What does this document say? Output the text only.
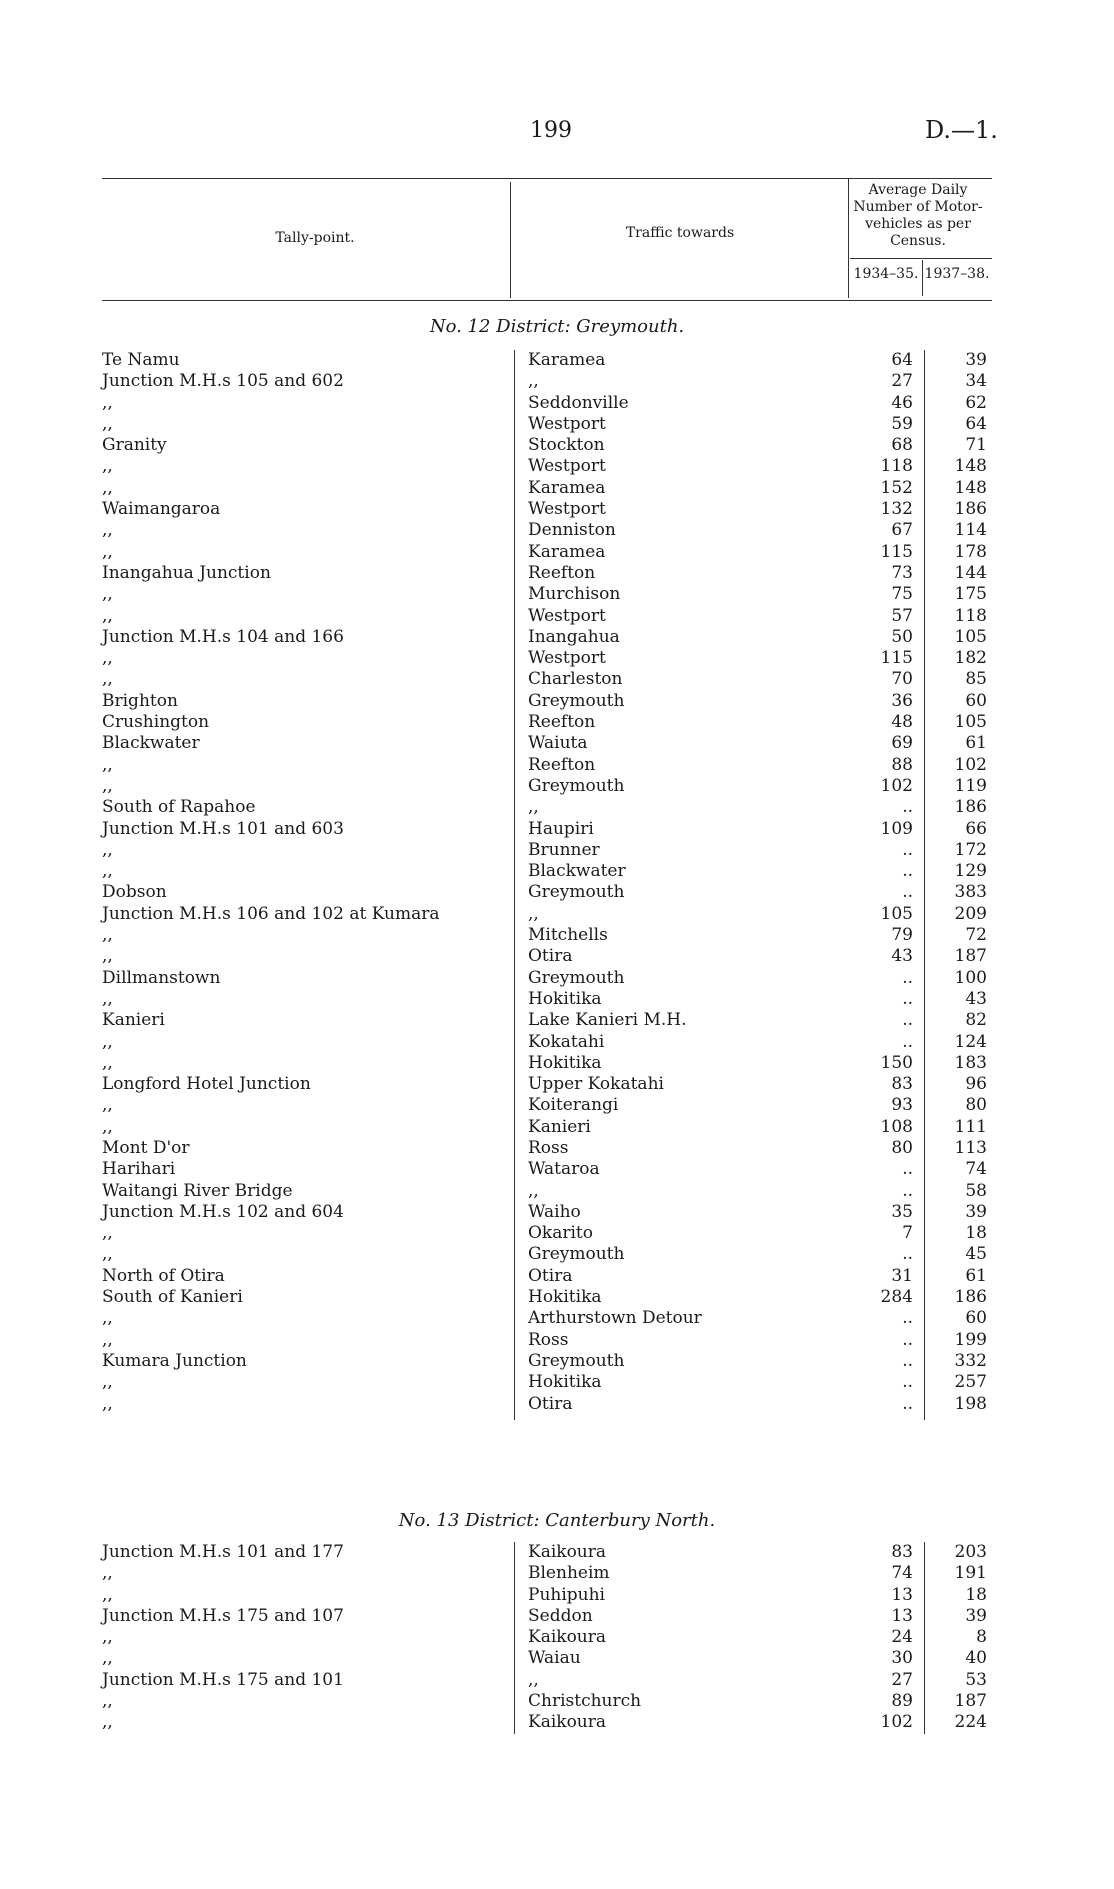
199	D.—1.
Tally-point.	Traffic towards
Average Daily
Number of Motor-
vehicles as per
Census.
1934–35. 1937–38.
No. 12 District: Greymouth.
Te Namu	Karamea	64	39
Junction M.H.s 105 and 602	,,	27	34
,,	Seddonville	46	62
,,	Westport	59	64
Granity	Stockton	68	71
,,	Westport	118 148
,,	Karamea	152 148
Waimangaroa	Westport	132 186
,,	Denniston	67 114
,,	Karamea	115 178
Inangahua Junction	Reefton	73 144
,,	Murchison	75 175
,,	Westport	57 118
Junction M.H.s 104 and 166	Inangahua	50 105
,,	Westport	115 182
,,	Charleston	70	85
Brighton	Greymouth	36	60
Crushington	Reefton	48 105
Blackwater	Waiuta	69	61
,,	Reefton	88 102
,,	Greymouth	102 119
South of Rapahoe	,,	.. 186
Junction M.H.s 101 and 603	Haupiri	109	66
,,	Brunner	.. 172
,,	Blackwater	.. 129
Dobson	Greymouth	.. 383
Junction M.H.s 106 and 102 at Kumara	,,	105 209
,,	Mitchells	79	72
,,	Otira	43 187
Dillmanstown	Greymouth	.. 100
,,	Hokitika	..	43
Kanieri	Lake Kanieri M.H.	..	82
,,	Kokatahi	.. 124
,,	Hokitika	150 183
Longford Hotel Junction	Upper Kokatahi	83	96
,,	Koiterangi	93	80
,,	Kanieri	108 111
Mont D'or	Ross	80 113
Harihari	Wataroa	..	74
Waitangi River Bridge	,,	..	58
Junction M.H.s 102 and 604	Waiho	35	39
,,	Okarito	7	18
,,	Greymouth	..	45
North of Otira	Otira	31	61
South of Kanieri	Hokitika	284 186
,,	Arthurstown Detour	..	60
,,	Ross	.. 199
Kumara Junction	Greymouth	.. 332
,,	Hokitika	.. 257
,,	Otira	.. 198
No. 13 District: Canterbury North.
Junction M.H.s 101 and 177	Kaikoura	83 203
,,	Blenheim	74 191
,,	Puhipuhi	13	18
Junction M.H.s 175 and 107	Seddon	13	39
,,	Kaikoura	24	8
,,	Waiau	30	40
Junction M.H.s 175 and 101	,,	27	53
,,	Christchurch	89 187
,,	Kaikoura	102 224
